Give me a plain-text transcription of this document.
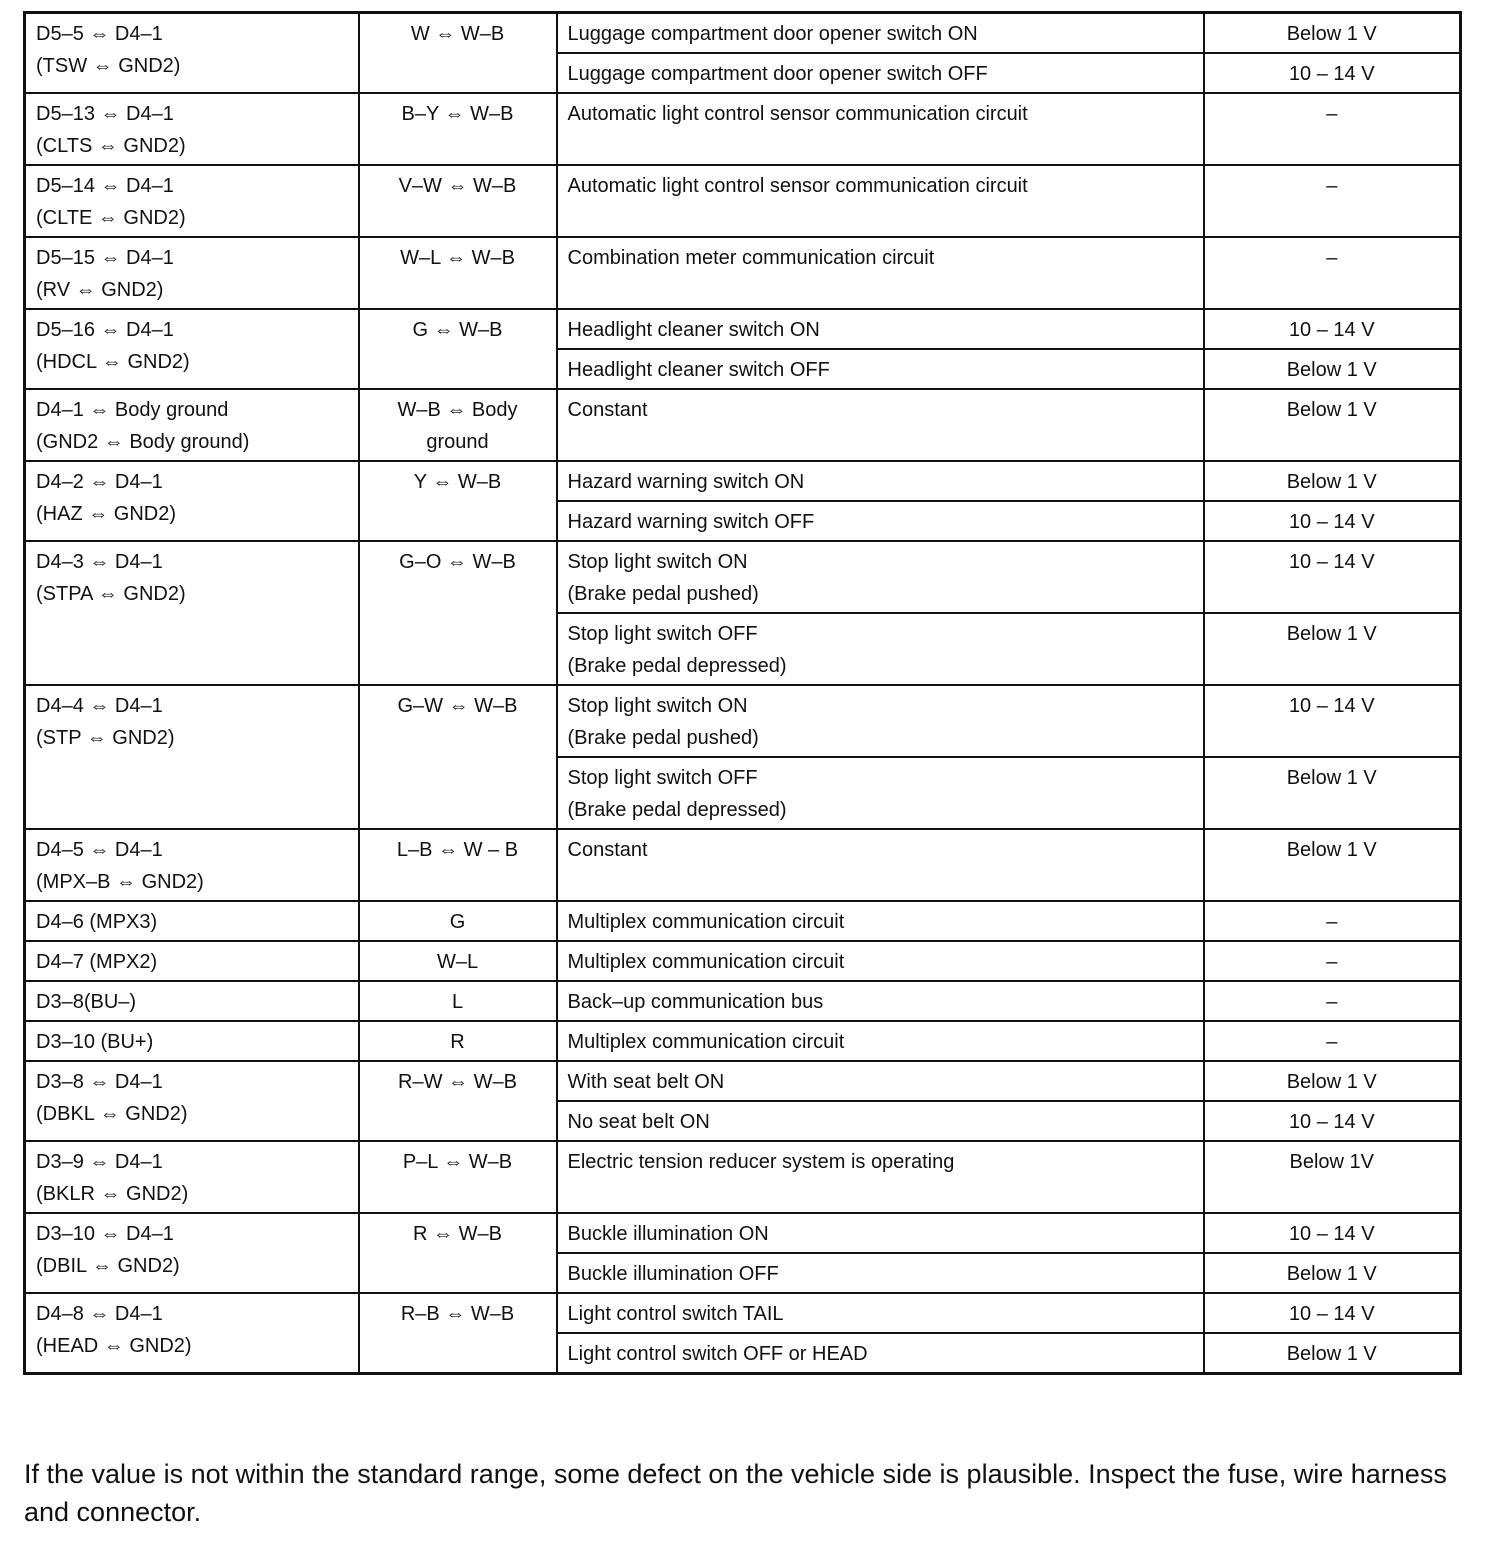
D5–5 ⇔ D4–1
(TSW ⇔ GND2)	W ⇔ W–B	Luggage compartment door opener switch ON	Below 1 V
		Luggage compartment door opener switch OFF	10 – 14 V
D5–13 ⇔ D4–1
(CLTS ⇔ GND2)	B–Y ⇔ W–B	Automatic light control sensor communication circuit	–
D5–14 ⇔ D4–1
(CLTE ⇔ GND2)	V–W ⇔ W–B	Automatic light control sensor communication circuit	–
D5–15 ⇔ D4–1
(RV ⇔ GND2)	W–L ⇔ W–B	Combination meter communication circuit	–
D5–16 ⇔ D4–1
(HDCL ⇔ GND2)	G ⇔ W–B	Headlight cleaner switch ON	10 – 14 V
		Headlight cleaner switch OFF	Below 1 V
D4–1 ⇔ Body ground
(GND2 ⇔ Body ground)	W–B ⇔ Body
ground	Constant	Below 1 V
D4–2 ⇔ D4–1
(HAZ ⇔ GND2)	Y ⇔ W–B	Hazard warning switch ON	Below 1 V
		Hazard warning switch OFF	10 – 14 V
D4–3 ⇔ D4–1
(STPA ⇔ GND2)	G–O ⇔ W–B	Stop light switch ON
(Brake pedal pushed)	10 – 14 V
		Stop light switch OFF
(Brake pedal depressed)	Below 1 V
D4–4 ⇔ D4–1
(STP ⇔ GND2)	G–W ⇔ W–B	Stop light switch ON
(Brake pedal pushed)	10 – 14 V
		Stop light switch OFF
(Brake pedal depressed)	Below 1 V
D4–5 ⇔ D4–1
(MPX–B ⇔ GND2)	L–B ⇔ W – B	Constant	Below 1 V
D4–6 (MPX3)	G	Multiplex communication circuit	–
D4–7 (MPX2)	W–L	Multiplex communication circuit	–
D3–8(BU–)	L	Back–up communication bus	–
D3–10 (BU+)	R	Multiplex communication circuit	–
D3–8 ⇔ D4–1
(DBKL ⇔ GND2)	R–W ⇔ W–B	With seat belt ON	Below 1 V
		No seat belt ON	10 – 14 V
D3–9 ⇔ D4–1
(BKLR ⇔ GND2)	P–L ⇔ W–B	Electric tension reducer system is operating	Below 1V
D3–10 ⇔ D4–1
(DBIL ⇔ GND2)	R ⇔ W–B	Buckle illumination ON	10 – 14 V
		Buckle illumination OFF	Below 1 V
D4–8 ⇔ D4–1
(HEAD ⇔ GND2)	R–B ⇔ W–B	Light control switch TAIL	10 – 14 V
		Light control switch OFF or HEAD	Below 1 V

If the value is not within the standard range, some defect on the vehicle side is plausible. Inspect the fuse, wire harness and connector.
